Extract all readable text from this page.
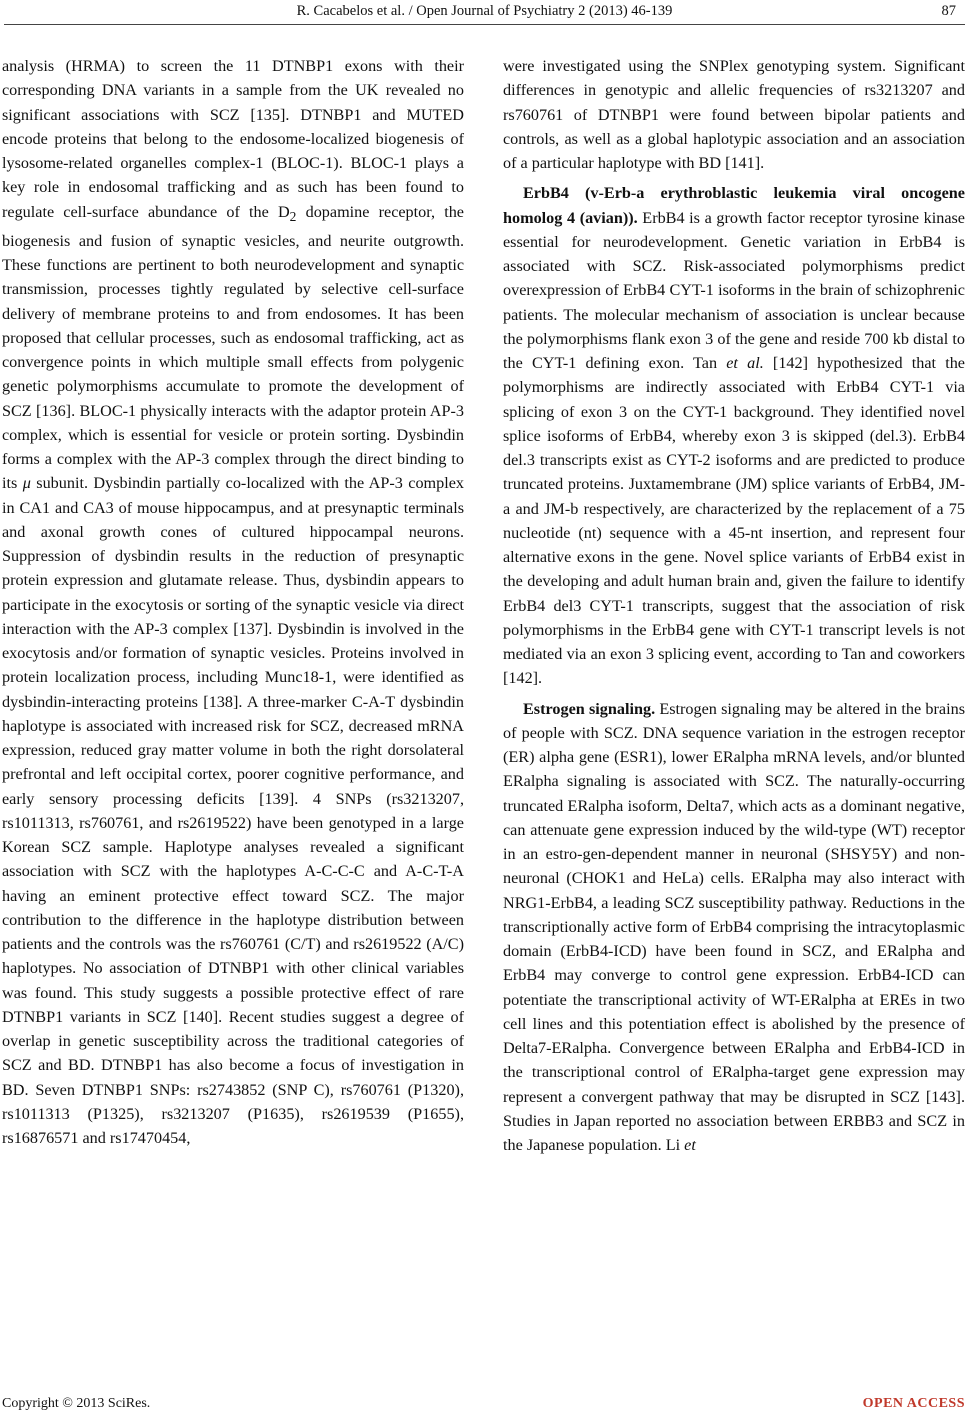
R. Cacabelos et al. / Open Journal of Psychiatry 2 (2013) 46-139	87

analysis (HRMA) to screen the 11 DTNBP1 exons with their corresponding DNA variants in a sample from the UK revealed no significant associations with SCZ [135]. DTNBP1 and MUTED encode proteins that belong to the endosome-localized biogenesis of lysosome-related organelles complex-1 (BLOC-1). BLOC-1 plays a key role in endosomal trafficking and as such has been found to regulate cell-surface abundance of the $D_2$ dopamine receptor, the biogenesis and fusion of synaptic vesicles, and neurite outgrowth. These functions are pertinent to both neurodevelopment and synaptic transmission, processes tightly regulated by selective cell-surface delivery of membrane proteins to and from endosomes. It has been proposed that cellular processes, such as endosomal trafficking, act as convergence points in which multiple small effects from polygenic genetic polymorphisms accumulate to promote the development of SCZ [136]. BLOC-1 physically interacts with the adaptor protein AP-3 complex, which is essential for vesicle or protein sorting. Dysbindin forms a complex with the AP-3 complex through the direct binding to its μ subunit. Dysbindin partially co-localized with the AP-3 complex in CA1 and CA3 of mouse hippocampus, and at presynaptic terminals and axonal growth cones of cultured hippocampal neurons. Suppression of dysbindin results in the reduction of presynaptic protein expression and glutamate release. Thus, dysbindin appears to participate in the exocytosis or sorting of the synaptic vesicle via direct interaction with the AP-3 complex [137]. Dysbindin is involved in the exocytosis and/or formation of synaptic vesicles. Proteins involved in protein localization process, including Munc18-1, were identified as dysbindin-interacting proteins [138]. A three-marker C-A-T dysbindin haplotype is associated with increased risk for SCZ, decreased mRNA expression, reduced gray matter volume in both the right dorsolateral prefrontal and left occipital cortex, poorer cognitive performance, and early sensory processing deficits [139]. 4 SNPs (rs3213207, rs1011313, rs760761, and rs2619522) have been genotyped in a large Korean SCZ sample. Haplotype analyses revealed a significant association with SCZ with the haplotypes A-C-C-C and A-C-T-A having an eminent protective effect toward SCZ. The major contribution to the difference in the haplotype distribution between patients and the controls was the rs760761 (C/T) and rs2619522 (A/C) haplotypes. No association of DTNBP1 with other clinical variables was found. This study suggests a possible protective effect of rare DTNBP1 variants in SCZ [140]. Recent studies suggest a degree of overlap in genetic susceptibility across the traditional categories of SCZ and BD. DTNBP1 has also become a focus of investigation in BD. Seven DTNBP1 SNPs: rs2743852 (SNP C), rs760761 (P1320), rs1011313 (P1325), rs3213207 (P1635), rs2619539 (P1655), rs16876571 and rs17470454,

were investigated using the SNPlex genotyping system. Significant differences in genotypic and allelic frequencies of rs3213207 and rs760761 of DTNBP1 were found between bipolar patients and controls, as well as a global haplotypic association and an association of a particular haplotype with BD [141].

ErbB4 (v-Erb-a erythroblastic leukemia viral oncogene homolog 4 (avian)). ErbB4 is a growth factor receptor tyrosine kinase essential for neurodevelopment. Genetic variation in ErbB4 is associated with SCZ. Risk-associated polymorphisms predict overexpression of ErbB4 CYT-1 isoforms in the brain of schizophrenic patients. The molecular mechanism of association is unclear because the polymorphisms flank exon 3 of the gene and reside 700 kb distal to the CYT-1 defining exon. Tan et al. [142] hypothesized that the polymorphisms are indirectly associated with ErbB4 CYT-1 via splicing of exon 3 on the CYT-1 background. They identified novel splice isoforms of ErbB4, whereby exon 3 is skipped (del.3). ErbB4 del.3 transcripts exist as CYT-2 isoforms and are predicted to produce truncated proteins. Juxtamembrane (JM) splice variants of ErbB4, JM-a and JM-b respectively, are characterized by the replacement of a 75 nucleotide (nt) sequence with a 45-nt insertion, and represent four alternative exons in the gene. Novel splice variants of ErbB4 exist in the developing and adult human brain and, given the failure to identify ErbB4 del3 CYT-1 transcripts, suggest that the association of risk polymorphisms in the ErbB4 gene with CYT-1 transcript levels is not mediated via an exon 3 splicing event, according to Tan and coworkers [142].

Estrogen signaling. Estrogen signaling may be altered in the brains of people with SCZ. DNA sequence variation in the estrogen receptor (ER) alpha gene (ESR1), lower ERalpha mRNA levels, and/or blunted ERalpha signaling is associated with SCZ. The naturally-occurring truncated ERalpha isoform, Delta7, which acts as a dominant negative, can attenuate gene expression induced by the wild-type (WT) receptor in an estro-gen-dependent manner in neuronal (SHSY5Y) and non-neuronal (CHOK1 and HeLa) cells. ERalpha may also interact with NRG1-ErbB4, a leading SCZ susceptibility pathway. Reductions in the transcriptionally active form of ErbB4 comprising the intracytoplasmic domain (ErbB4-ICD) have been found in SCZ, and ERalpha and ErbB4 may converge to control gene expression. ErbB4-ICD can potentiate the transcriptional activity of WT-ERalpha at EREs in two cell lines and this potentiation effect is abolished by the presence of Delta7-ERalpha. Convergence between ERalpha and ErbB4-ICD in the transcriptional control of ERalpha-target gene expression may represent a convergent pathway that may be disrupted in SCZ [143]. Studies in Japan reported no association between ERBB3 and SCZ in the Japanese population. Li et

Copyright © 2013 SciRes.	OPEN ACCESS
